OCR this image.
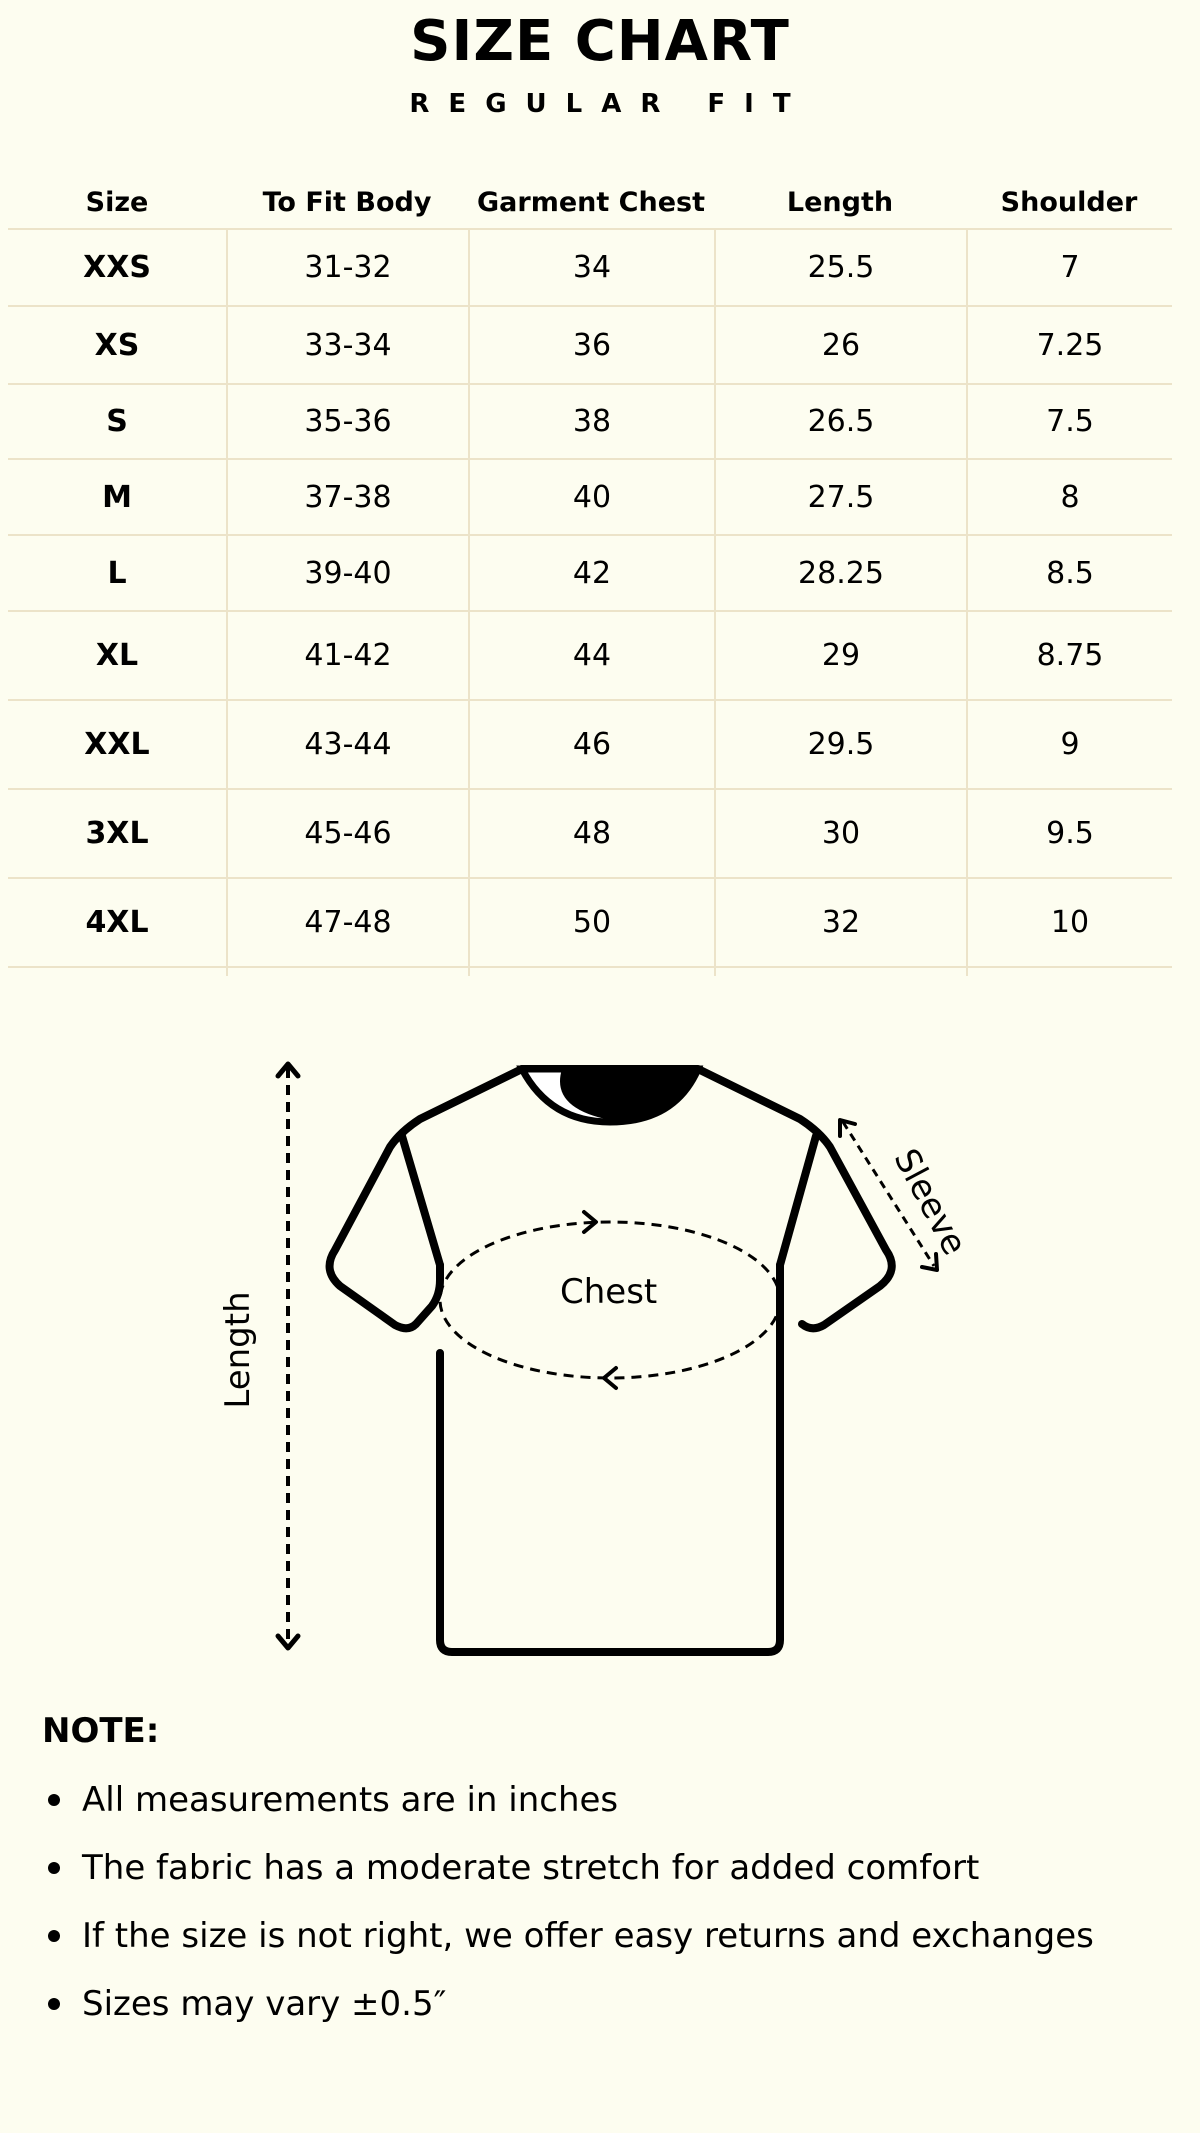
SIZE CHART
REGULAR FIT
Size	To Fit Body	Garment Chest	Length	Shoulder
XXS	31-32	34	25.5	7
XS	33-34	36	26	7.25
S	35-36	38	26.5	7.5
M	37-38	40	27.5	8
L	39-40	42	28.25	8.5
XL	41-42	44	29	8.75
XXL	43-44	46	29.5	9
3XL	45-46	48	30	9.5
4XL	47-48	50	32	10
Chest
Length
Sleeve
NOTE:
All measurements are in inches
The fabric has a moderate stretch for added comfort
If the size is not right, we offer easy returns and exchanges
Sizes may vary ±0.5″
